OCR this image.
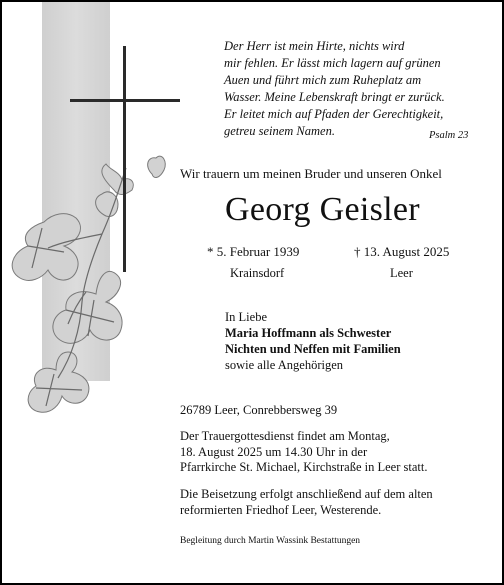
Der Herr ist mein Hirte, nichts wird
mir fehlen. Er lässt mich lagern auf grünen
Auen und führt mich zum Ruheplatz am
Wasser. Meine Lebenskraft bringt er zurück.
Er leitet mich auf Pfaden der Gerechtigkeit,
getreu seinem Namen.	Psalm 23
Wir trauern um meinen Bruder und unseren Onkel
Georg Geisler
* 5. Februar 1939	† 13. August 2025
Krainsdorf	Leer
In Liebe
Maria Hoffmann als Schwester
Nichten und Neffen mit Familien
sowie alle Angehörigen
26789 Leer, Conrebbersweg 39
Der Trauergottesdienst findet am Montag,
18. August 2025 um 14.30 Uhr in der
Pfarrkirche St. Michael, Kirchstraße in Leer statt.
Die Beisetzung erfolgt anschließend auf dem alten
reformierten Friedhof Leer, Westerende.
Begleitung durch Martin Wassink Bestattungen
